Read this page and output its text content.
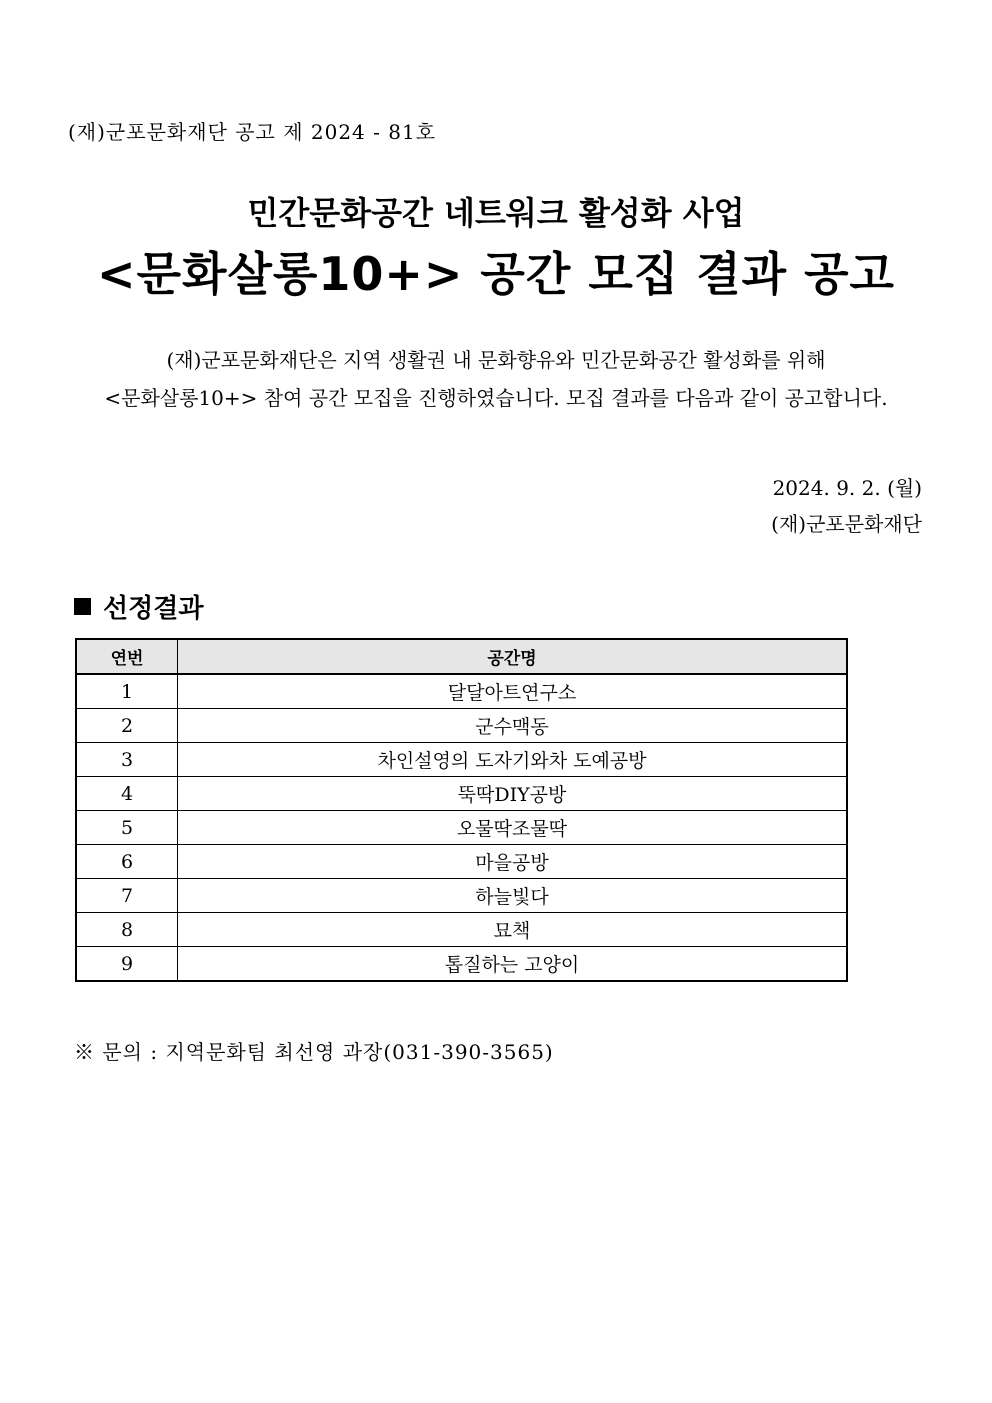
(재)군포문화재단 공고 제 2024 - 81호
민간문화공간 네트워크 활성화 사업
<문화살롱10+> 공간 모집 결과 공고
(재)군포문화재단은 지역 생활권 내 문화향유와 민간문화공간 활성화를 위해
<문화살롱10+> 참여 공간 모집을 진행하였습니다. 모집 결과를 다음과 같이 공고합니다.
2024. 9. 2. (월)
(재)군포문화재단
선정결과
연번	공간명
1	달달아트연구소
2	군수맥동
3	차인설영의 도자기와차 도예공방
4	뚝딱DIY공방
5	오물딱조물딱
6	마을공방
7	하늘빛다
8	묘책
9	톱질하는 고양이
※ 문의 : 지역문화팀 최선영 과장(031-390-3565)
